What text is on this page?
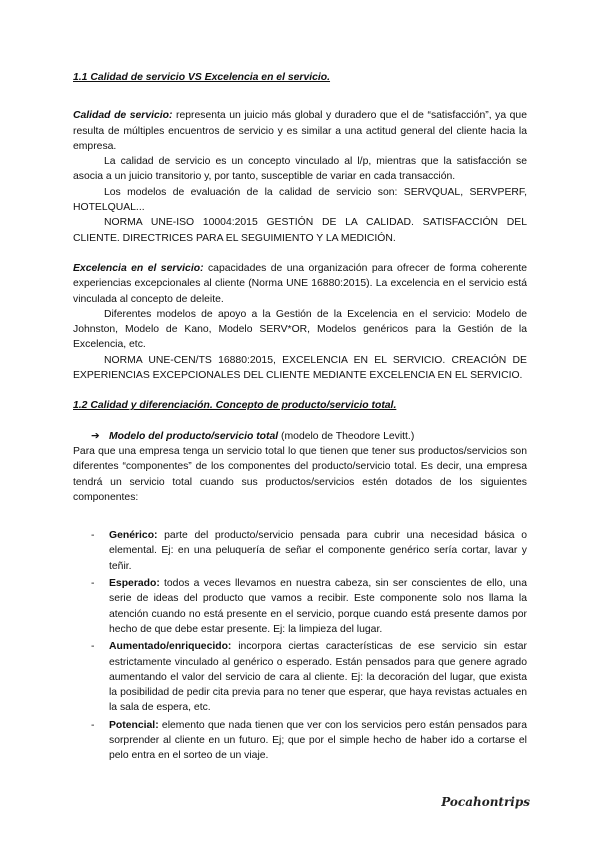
1.1 Calidad de servicio VS Excelencia en el servicio.

Calidad de servicio: representa un juicio más global y duradero que el de “satisfacción”, ya que resulta de múltiples encuentros de servicio y es similar a una actitud general del cliente hacia la empresa.

La calidad de servicio es un concepto vinculado al l/p, mientras que la satisfacción se asocia a un juicio transitorio y, por tanto, susceptible de variar en cada transacción.

Los modelos de evaluación de la calidad de servicio son: SERVQUAL, SERVPERF, HOTELQUAL...

NORMA UNE-ISO 10004:2015 GESTIÓN DE LA CALIDAD. SATISFACCIÓN DEL CLIENTE. DIRECTRICES PARA EL SEGUIMIENTO Y LA MEDICIÓN.

Excelencia en el servicio: capacidades de una organización para ofrecer de forma coherente experiencias excepcionales al cliente (Norma UNE 16880:2015). La excelencia en el servicio está vinculada al concepto de deleite.

Diferentes modelos de apoyo a la Gestión de la Excelencia en el servicio: Modelo de Johnston, Modelo de Kano, Modelo SERV*OR, Modelos genéricos para la Gestión de la Excelencia, etc.

NORMA UNE-CEN/TS 16880:2015, EXCELENCIA EN EL SERVICIO. CREACIÓN DE EXPERIENCIAS EXCEPCIONALES DEL CLIENTE MEDIANTE EXCELENCIA EN EL SERVICIO.

1.2 Calidad y diferenciación. Concepto de producto/servicio total.

➔ Modelo del producto/servicio total (modelo de Theodore Levitt.)

Para que una empresa tenga un servicio total lo que tienen que tener sus productos/servicios son diferentes “componentes” de los componentes del producto/servicio total. Es decir, una empresa tendrá un servicio total cuando sus productos/servicios estén dotados de los siguientes componentes:

- Genérico: parte del producto/servicio pensada para cubrir una necesidad básica o elemental. Ej: en una peluquería de señar el componente genérico sería cortar, lavar y teñir.

- Esperado: todos a veces llevamos en nuestra cabeza, sin ser conscientes de ello, una serie de ideas del producto que vamos a recibir. Este componente solo nos llama la atención cuando no está presente en el servicio, porque cuando está presente damos por hecho de que debe estar presente. Ej: la limpieza del lugar.

- Aumentado/enriquecido: incorpora ciertas características de ese servicio sin estar estrictamente vinculado al genérico o esperado. Están pensados para que genere agrado aumentando el valor del servicio de cara al cliente. Ej: la decoración del lugar, que exista la posibilidad de pedir cita previa para no tener que esperar, que haya revistas actuales en la sala de espera, etc.

- Potencial: elemento que nada tienen que ver con los servicios pero están pensados para sorprender al cliente en un futuro. Ej; que por el simple hecho de haber ido a cortarse el pelo entra en el sorteo de un viaje.

Pocahontrips
